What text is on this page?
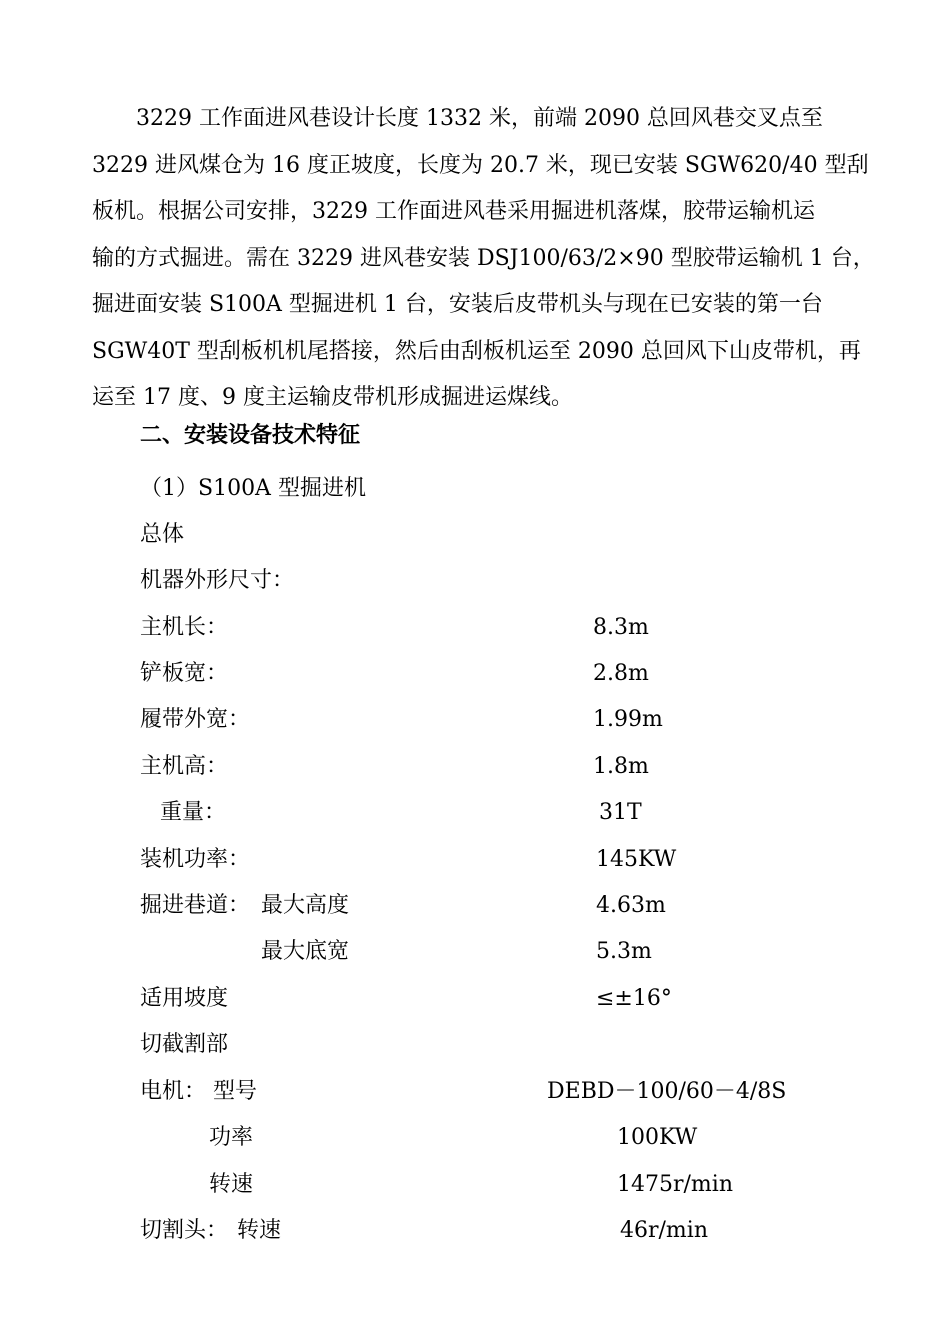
　　3229 工作面进风巷设计长度 1332 米，前端 2090 总回风巷交叉点至
3229 进风煤仓为 16 度正坡度，长度为 20.7 米，现已安装 SGW620/40 型刮
板机。根据公司安排，3229 工作面进风巷采用掘进机落煤，胶带运输机运
输的方式掘进。需在 3229 进风巷安装 DSJ100/63/2×90 型胶带运输机 1 台，
掘进面安装 S100A 型掘进机 1 台，安装后皮带机头与现在已安装的第一台
SGW40T 型刮板机机尾搭接，然后由刮板机运至 2090 总回风下山皮带机，再
运至 17 度、9 度主运输皮带机形成掘进运煤线。
二、安装设备技术特征
（1）S100A 型掘进机
总体
机器外形尺寸：
主机长：	8.3m
铲板宽：	2.8m
履带外宽：	1.99m
主机高：	1.8m
重量：	31T
装机功率：	145KW
掘进巷道： 最大高度	4.63m
最大底宽	5.3m
适用坡度	≤±16°
切截割部
电机： 型号	DEBD－100/60－4/8S
功率	100KW
转速	1475r/min
切割头： 转速	46r/min
